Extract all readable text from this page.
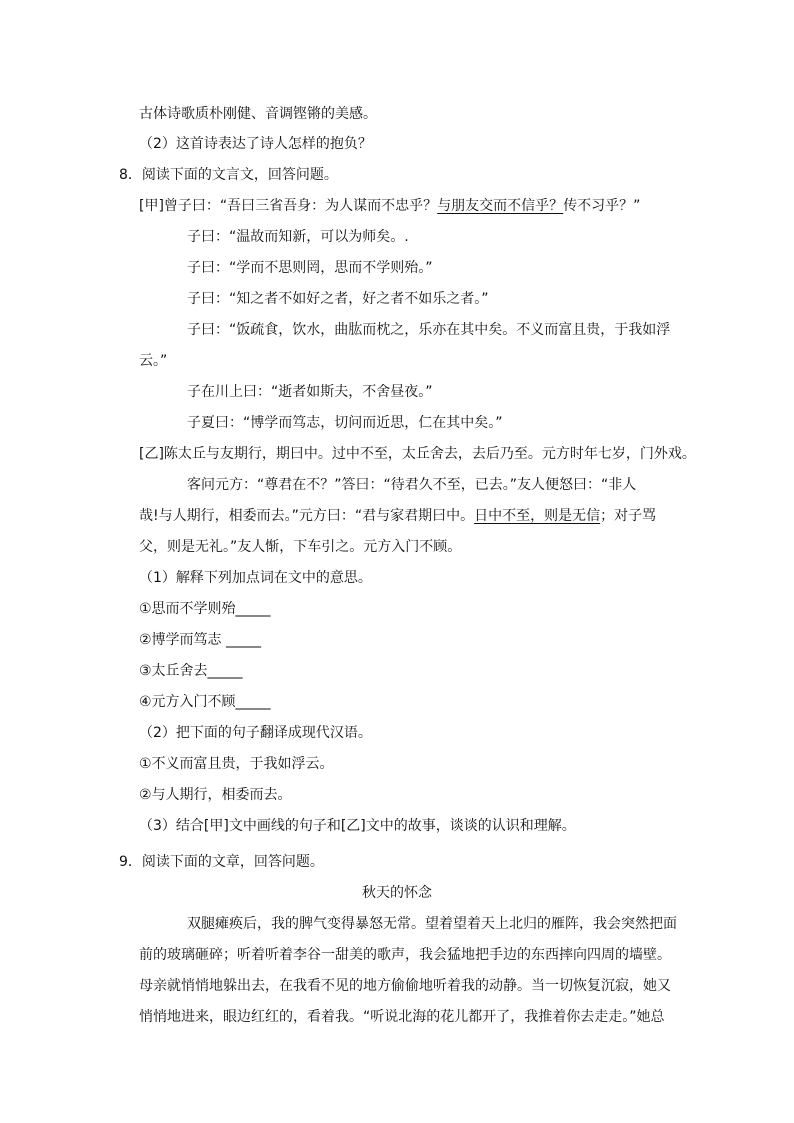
古体诗歌质朴刚健、音调铿锵的美感。
（2）这首诗表达了诗人怎样的抱负？
8．阅读下面的文言文，回答问题。
[甲]曾子曰：“吾曰三省吾身：为人谋而不忠乎？与朋友交而不信乎？传不习乎？”
子曰：“温故而知新，可以为师矣。.
子曰：“学而不思则罔，思而不学则殆。”
子曰：“知之者不如好之者，好之者不如乐之者。”
子曰：“饭疏食，饮水，曲肱而枕之，乐亦在其中矣。不义而富且贵，于我如浮
云。”
子在川上曰：“逝者如斯夫，不舍昼夜。”
子夏曰：“博学而笃志，切问而近思，仁在其中矣。”
[乙]陈太丘与友期行，期曰中。过中不至，太丘舍去，去后乃至。元方时年七岁，门外戏。
客问元方：“尊君在不？”答曰：“待君久不至，已去。”友人便怒曰：“非人
哉!与人期行，相委而去。”元方曰：“君与家君期曰中。日中不至，则是无信；对子骂
父，则是无礼。”友人惭，下车引之。元方入门不顾。
（1）解释下列加点词在文中的意思。
①思而不学则殆_____
②博学而笃志 _____
③太丘舍去_____
④元方入门不顾_____
（2）把下面的句子翻译成现代汉语。
①不义而富且贵，于我如浮云。
②与人期行，相委而去。
（3）结合[甲]文中画线的句子和[乙]文中的故事，谈谈的认识和理解。
9．阅读下面的文章，回答问题。
秋天的怀念
双腿瘫痪后，我的脾气变得暴怒无常。望着望着天上北归的雁阵，我会突然把面
前的玻璃砸碎；听着听着李谷一甜美的歌声，我会猛地把手边的东西摔向四周的墙壁。
母亲就悄悄地躲出去，在我看不见的地方偷偷地听着我的动静。当一切恢复沉寂，她又
悄悄地进来，眼边红红的，看着我。“听说北海的花儿都开了，我推着你去走走。”她总
